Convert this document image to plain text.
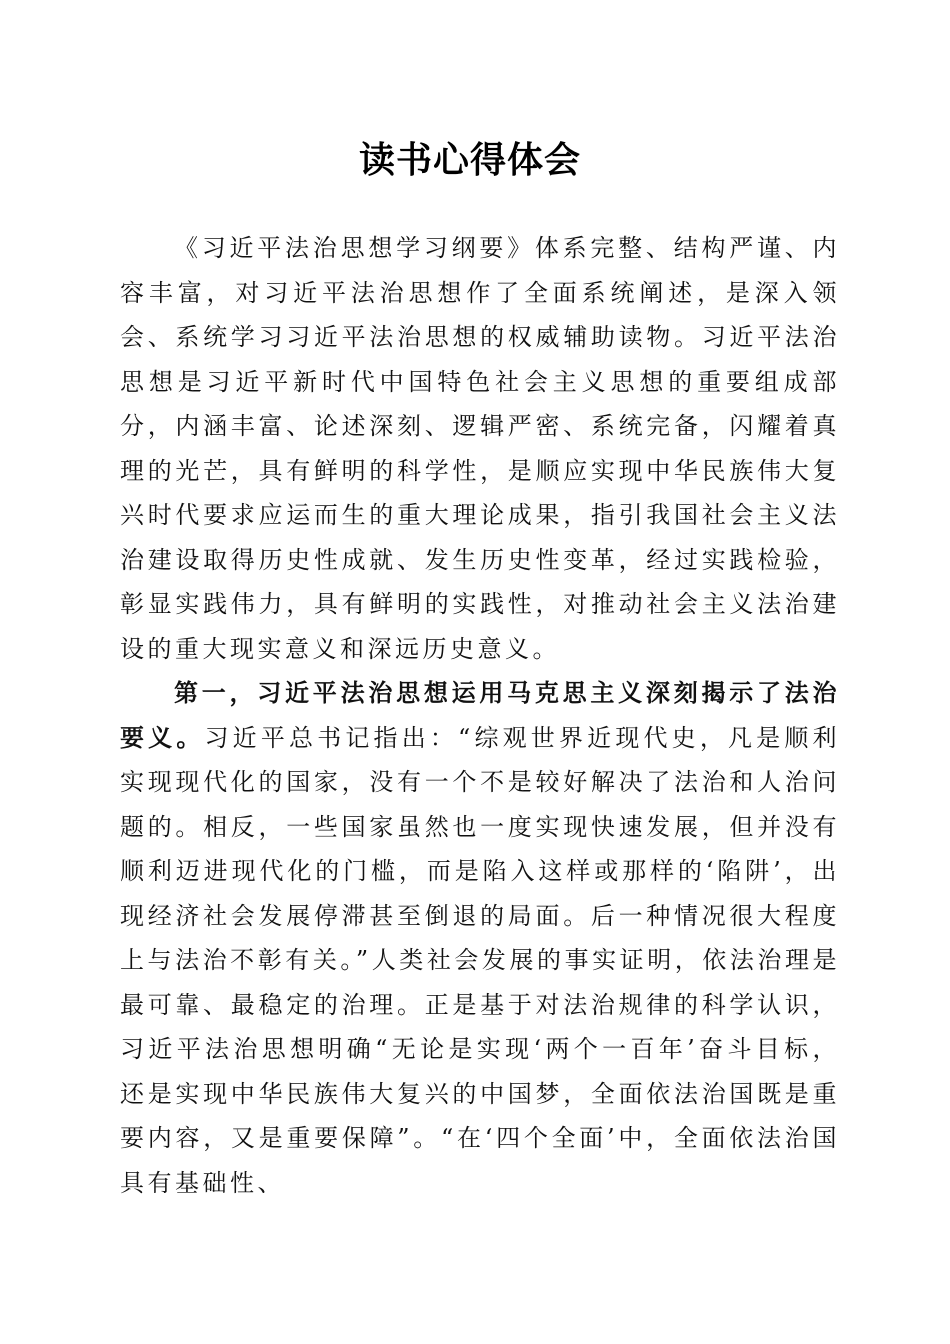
读书心得体会

《习近平法治思想学习纲要》体系完整、结构严谨、内容丰富，对习近平法治思想作了全面系统阐述，是深入领会、系统学习习近平法治思想的权威辅助读物。习近平法治思想是习近平新时代中国特色社会主义思想的重要组成部分，内涵丰富、论述深刻、逻辑严密、系统完备，闪耀着真理的光芒，具有鲜明的科学性，是顺应实现中华民族伟大复兴时代要求应运而生的重大理论成果，指引我国社会主义法治建设取得历史性成就、发生历史性变革，经过实践检验，彰显实践伟力，具有鲜明的实践性，对推动社会主义法治建设的重大现实意义和深远历史意义。

第一，习近平法治思想运用马克思主义深刻揭示了法治要义。习近平总书记指出：“综观世界近现代史，凡是顺利实现现代化的国家，没有一个不是较好解决了法治和人治问题的。相反，一些国家虽然也一度实现快速发展，但并没有顺利迈进现代化的门槛，而是陷入这样或那样的‘陷阱’，出现经济社会发展停滞甚至倒退的局面。后一种情况很大程度上与法治不彰有关。”人类社会发展的事实证明，依法治理是最可靠、最稳定的治理。正是基于对法治规律的科学认识，习近平法治思想明确“无论是实现‘两个一百年’奋斗目标，还是实现中华民族伟大复兴的中国梦，全面依法治国既是重要内容，又是重要保障”。“在‘四个全面’中，全面依法治国具有基础性、
